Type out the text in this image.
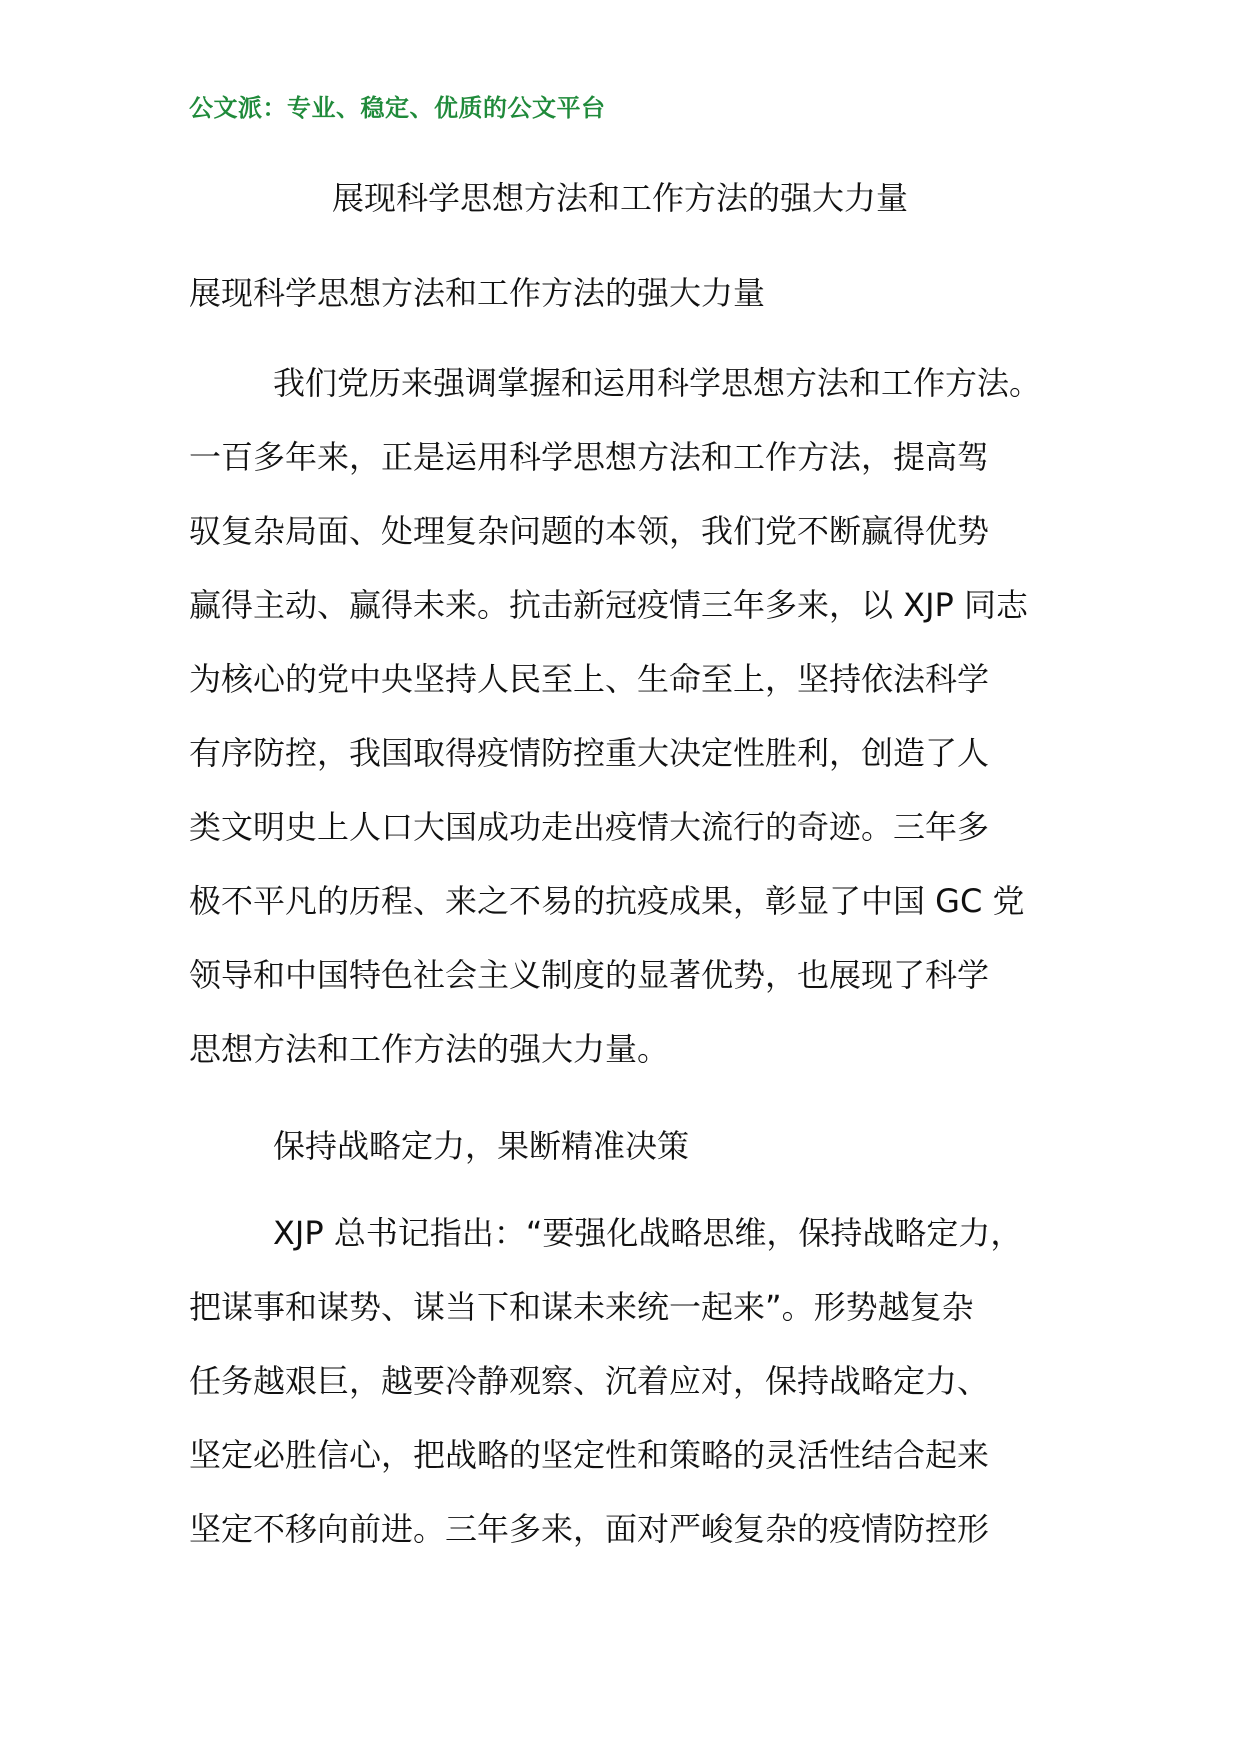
公文派：专业、稳定、优质的公文平台
展现科学思想方法和工作方法的强大力量
展现科学思想方法和工作方法的强大力量
我们党历来强调掌握和运用科学思想方法和工作方法。
一百多年来，正是运用科学思想方法和工作方法，提高驾
驭复杂局面、处理复杂问题的本领，我们党不断赢得优势
赢得主动、赢得未来。抗击新冠疫情三年多来，以 XJP 同志
为核心的党中央坚持人民至上、生命至上，坚持依法科学
有序防控，我国取得疫情防控重大决定性胜利，创造了人
类文明史上人口大国成功走出疫情大流行的奇迹。三年多
极不平凡的历程、来之不易的抗疫成果，彰显了中国 GC 党
领导和中国特色社会主义制度的显著优势，也展现了科学
思想方法和工作方法的强大力量。
保持战略定力，果断精准决策
XJP 总书记指出：“要强化战略思维，保持战略定力，
把谋事和谋势、谋当下和谋未来统一起来”。形势越复杂
任务越艰巨，越要冷静观察、沉着应对，保持战略定力、
坚定必胜信心，把战略的坚定性和策略的灵活性结合起来
坚定不移向前进。三年多来，面对严峻复杂的疫情防控形
